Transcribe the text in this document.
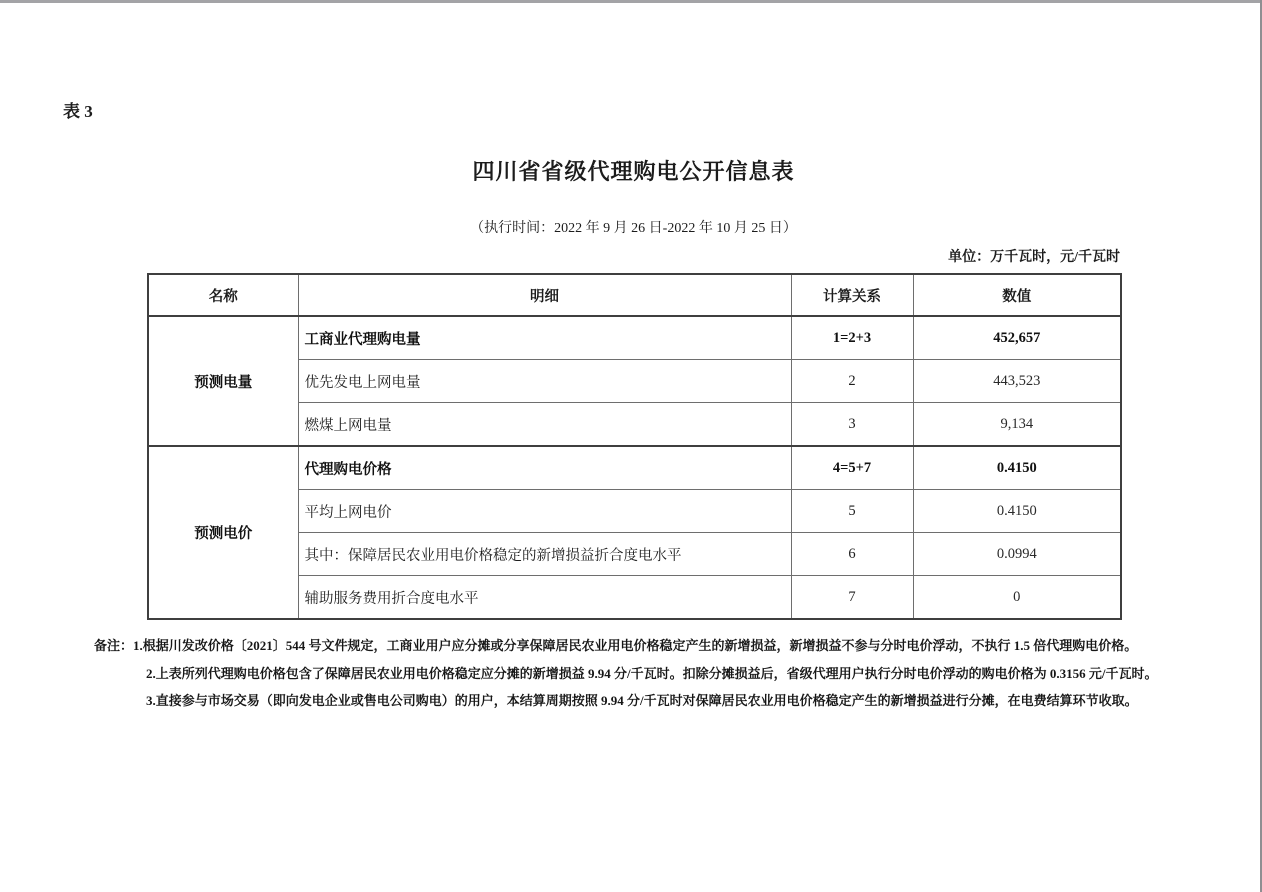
表 3
四川省省级代理购电公开信息表
（执行时间：2022 年 9 月 26 日-2022 年 10 月 25 日）
单位：万千瓦时，元/千瓦时
名称	明细	计算关系	数值
预测电量	工商业代理购电量	1=2+3	452,657
	优先发电上网电量	2	443,523
	燃煤上网电量	3	9,134
预测电价	代理购电价格	4=5+7	0.4150
	平均上网电价	5	0.4150
	其中：保障居民农业用电价格稳定的新增损益折合度电水平	6	0.0994
	辅助服务费用折合度电水平	7	0
备注：1.根据川发改价格〔2021〕544 号文件规定，工商业用户应分摊或分享保障居民农业用电价格稳定产生的新增损益，新增损益不参与分时电价浮动，不执行 1.5 倍代理购电价格。
2.上表所列代理购电价格包含了保障居民农业用电价格稳定应分摊的新增损益 9.94 分/千瓦时。扣除分摊损益后，省级代理用户执行分时电价浮动的购电价格为 0.3156 元/千瓦时。
3.直接参与市场交易（即向发电企业或售电公司购电）的用户，本结算周期按照 9.94 分/千瓦时对保障居民农业用电价格稳定产生的新增损益进行分摊，在电费结算环节收取。
